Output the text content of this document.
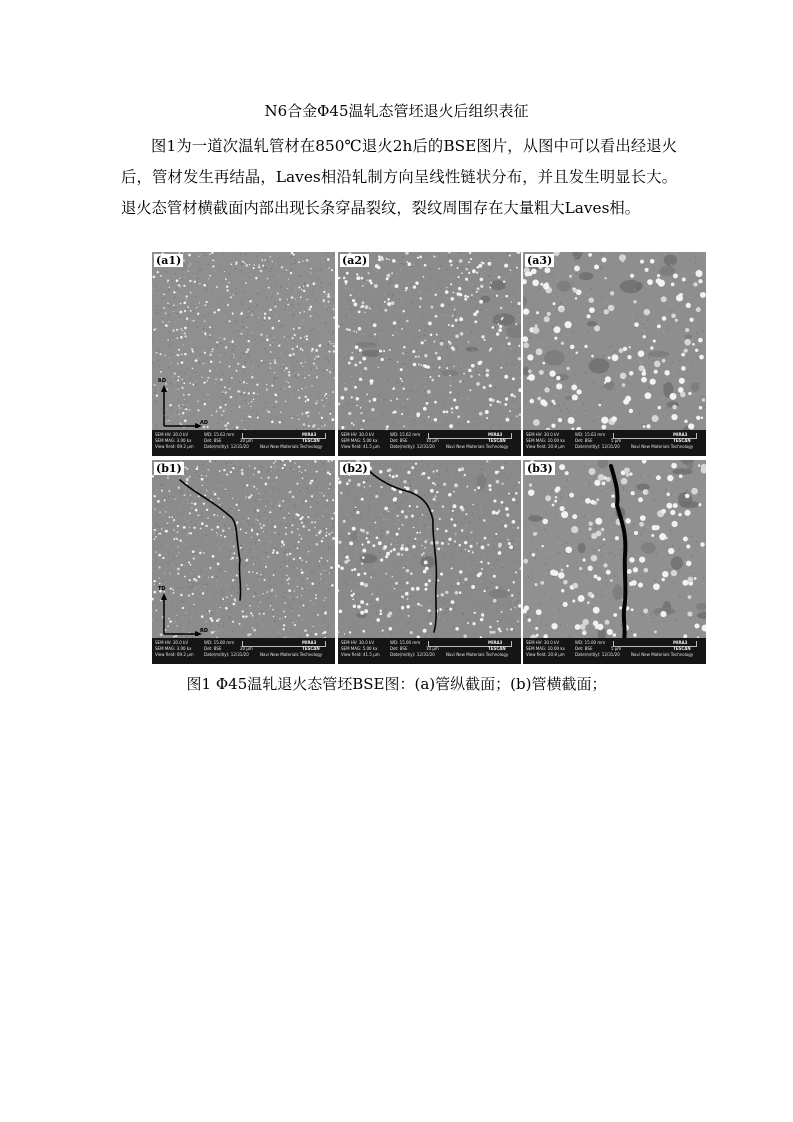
N6合金Φ45温轧态管坯退火后组织表征

图1为一道次温轧管材在850℃退火2h后的BSE图片，从图中可以看出经退火后，管材发生再结晶，Laves相沿轧制方向呈线性链状分布，并且发生明显长大。退火态管材横截面内部出现长条穿晶裂纹，裂纹周围存在大量粗大Laves相。

(a1)
RD
AD
SEM HV: 30.0 kV
SEM MAG: 3.00 kx
View field: 69.2 μm
WD: 15.63 mm
Det: BSE
Date(m/d/y): 12/31/20
20 μm
MIRA3 TESCAN
Navi New Materials Technology
(a2)
SEM HV: 30.0 kV
SEM MAG: 5.00 kx
View field: 41.5 μm
WD: 15.62 mm
Det: BSE
Date(m/d/y): 12/31/20
10 μm
MIRA3 TESCAN
Navi New Materials Technology
(a3)
SEM HV: 30.0 kV
SEM MAG: 10.00 kx
View field: 20.8 μm
WD: 15.63 mm
Det: BSE
Date(m/d/y): 12/31/20
5 μm
MIRA3 TESCAN
Navi New Materials Technology
(b1)
TD
RD
SEM HV: 30.0 kV
SEM MAG: 3.00 kx
View field: 69.2 μm
WD: 15.00 mm
Det: BSE
Date(m/d/y): 12/31/20
20 μm
MIRA3 TESCAN
Navi New Materials Technology
(b2)
SEM HV: 30.0 kV
SEM MAG: 5.00 kx
View field: 41.5 μm
WD: 15.00 mm
Det: BSE
Date(m/d/y): 12/31/20
10 μm
MIRA3 TESCAN
Navi New Materials Technology
(b3)
SEM HV: 30.0 kV
SEM MAG: 10.00 kx
View field: 20.8 μm
WD: 15.00 mm
Det: BSE
Date(m/d/y): 12/31/20
5 μm
MIRA3 TESCAN
Navi New Materials Technology
图1 Φ45温轧退火态管坯BSE图：(a)管纵截面；(b)管横截面；
